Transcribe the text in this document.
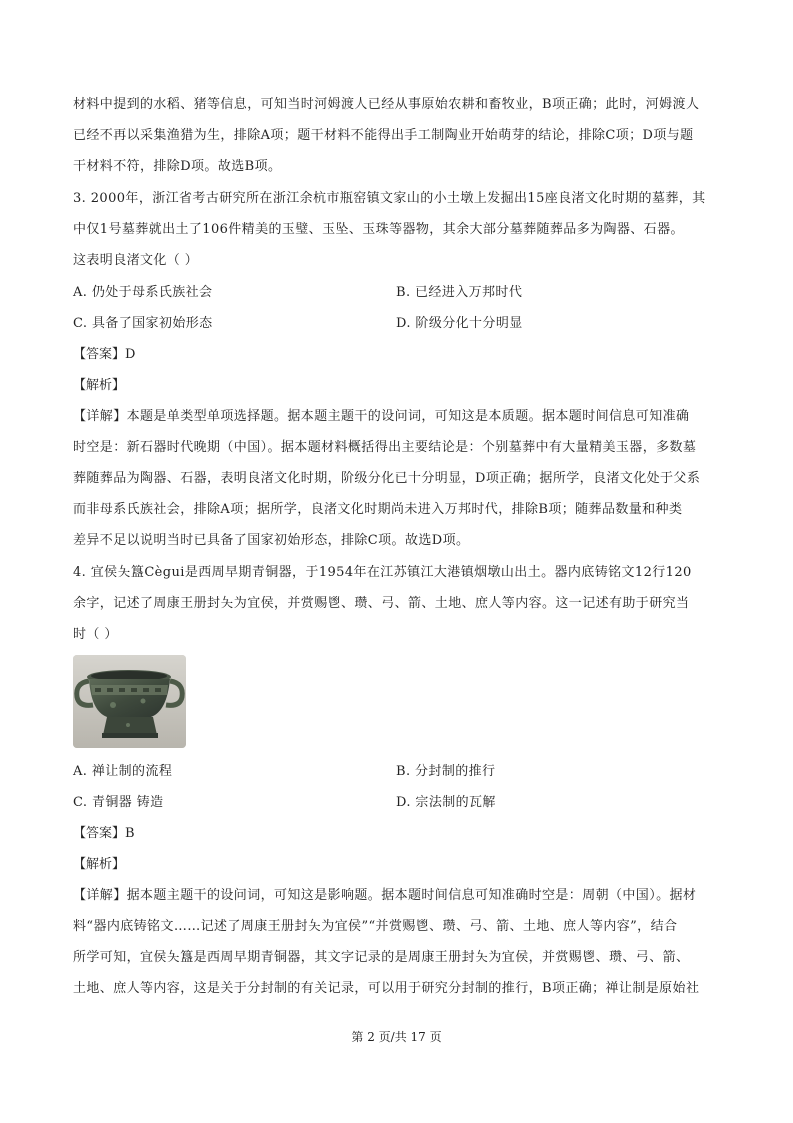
材料中提到的水稻、猪等信息，可知当时河姆渡人已经从事原始农耕和畜牧业，B项正确；此时，河姆渡人
已经不再以采集渔猎为生，排除A项；题干材料不能得出手工制陶业开始萌芽的结论，排除C项；D项与题
干材料不符，排除D项。故选B项。
3. 2000年，浙江省考古研究所在浙江余杭市瓶窑镇文家山的小土墩上发掘出15座良渚文化时期的墓葬，其
中仅1号墓葬就出土了106件精美的玉璧、玉坠、玉珠等器物，其余大部分墓葬随葬品多为陶器、石器。
这表明良渚文化（ ）
A. 仍处于母系氏族社会	B. 已经进入万邦时代
C. 具备了国家初始形态	D. 阶级分化十分明显
【答案】D
【解析】
【详解】本题是单类型单项选择题。据本题主题干的设问词，可知这是本质题。据本题时间信息可知准确
时空是：新石器时代晚期（中国）。据本题材料概括得出主要结论是：个别墓葬中有大量精美玉器，多数墓
葬随葬品为陶器、石器，表明良渚文化时期，阶级分化已十分明显，D项正确；据所学，良渚文化处于父系
而非母系氏族社会，排除A项；据所学，良渚文化时期尚未进入万邦时代，排除B项；随葬品数量和种类
差异不足以说明当时已具备了国家初始形态，排除C项。故选D项。
4. 宜侯夨簋Cègui是西周早期青铜器，于1954年在江苏镇江大港镇烟墩山出土。器内底铸铭文12行120
余字，记述了周康王册封夨为宜侯，并赏赐鬯、瓒、弓、箭、土地、庶人等内容。这一记述有助于研究当
时（ ）
A. 禅让制的流程	B. 分封制的推行
C. 青铜器 铸造	D. 宗法制的瓦解
【答案】B
【解析】
【详解】据本题主题干的设问词，可知这是影响题。据本题时间信息可知准确时空是：周朝（中国）。据材
料“器内底铸铭文……记述了周康王册封夨为宜侯”“并赏赐鬯、瓒、弓、箭、土地、庶人等内容”，结合
所学可知，宜侯夨簋是西周早期青铜器，其文字记录的是周康王册封夨为宜侯，并赏赐鬯、瓒、弓、箭、
土地、庶人等内容，这是关于分封制的有关记录，可以用于研究分封制的推行，B项正确；禅让制是原始社
第 2 页/共 17 页
